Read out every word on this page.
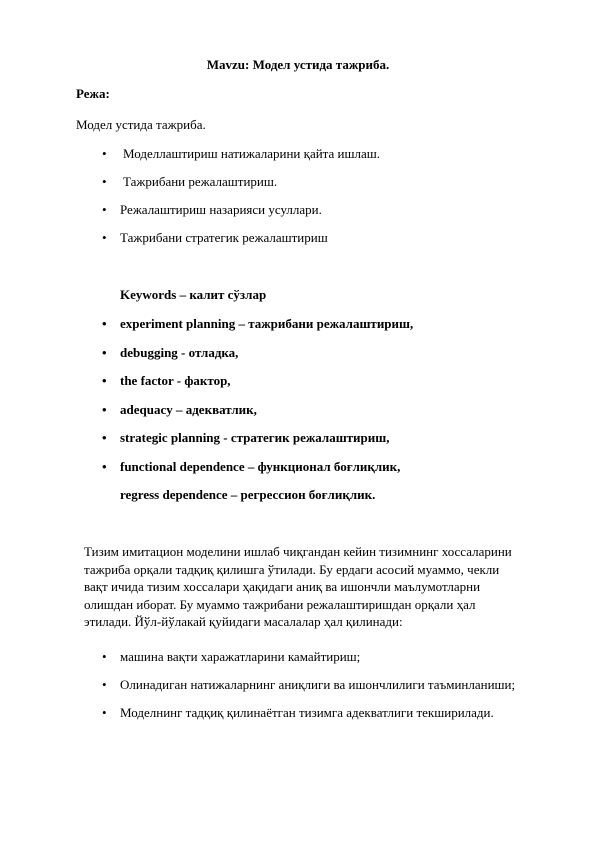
Mavzu: Модел устида тажриба.
Режа:
Модел устида тажриба.
• Моделлаштириш натижаларини қайта ишлаш.
• Тажрибани режалаштириш.
• Режалаштириш назарияси усуллари.
• Тажрибани стратегик режалаштириш
Keywords – калит сўзлар
• experiment planning – тажрибани режалаштириш,
• debugging - отладка,
• the factor - фактор,
• adequacy – адекватлик,
• strategic planning - стратегик режалаштириш,
• functional dependence – функционал боғлиқлик,
regress dependence – регрессион боғлиқлик.
Тизим имитацион моделини ишлаб чиқгандан кейин тизимнинг хоссаларини
тажриба орқали тадқиқ қилишга ўтилади. Бу ердаги асосий муаммо, чекли
вақт ичида тизим хоссалари ҳақидаги аниқ ва ишончли маълумотларни
олишдан иборат. Бу муаммо тажрибани режалаштиришдан орқали ҳал
этилади. Йўл-йўлакай қуйидаги масалалар ҳал қилинади:
• машина вақти харажатларини камайтириш;
• Олинадиган натижаларнинг аниқлиги ва ишончлилиги таъминланиши;
• Моделнинг тадқиқ қилинаётган тизимга адекватлиги текширилади.
